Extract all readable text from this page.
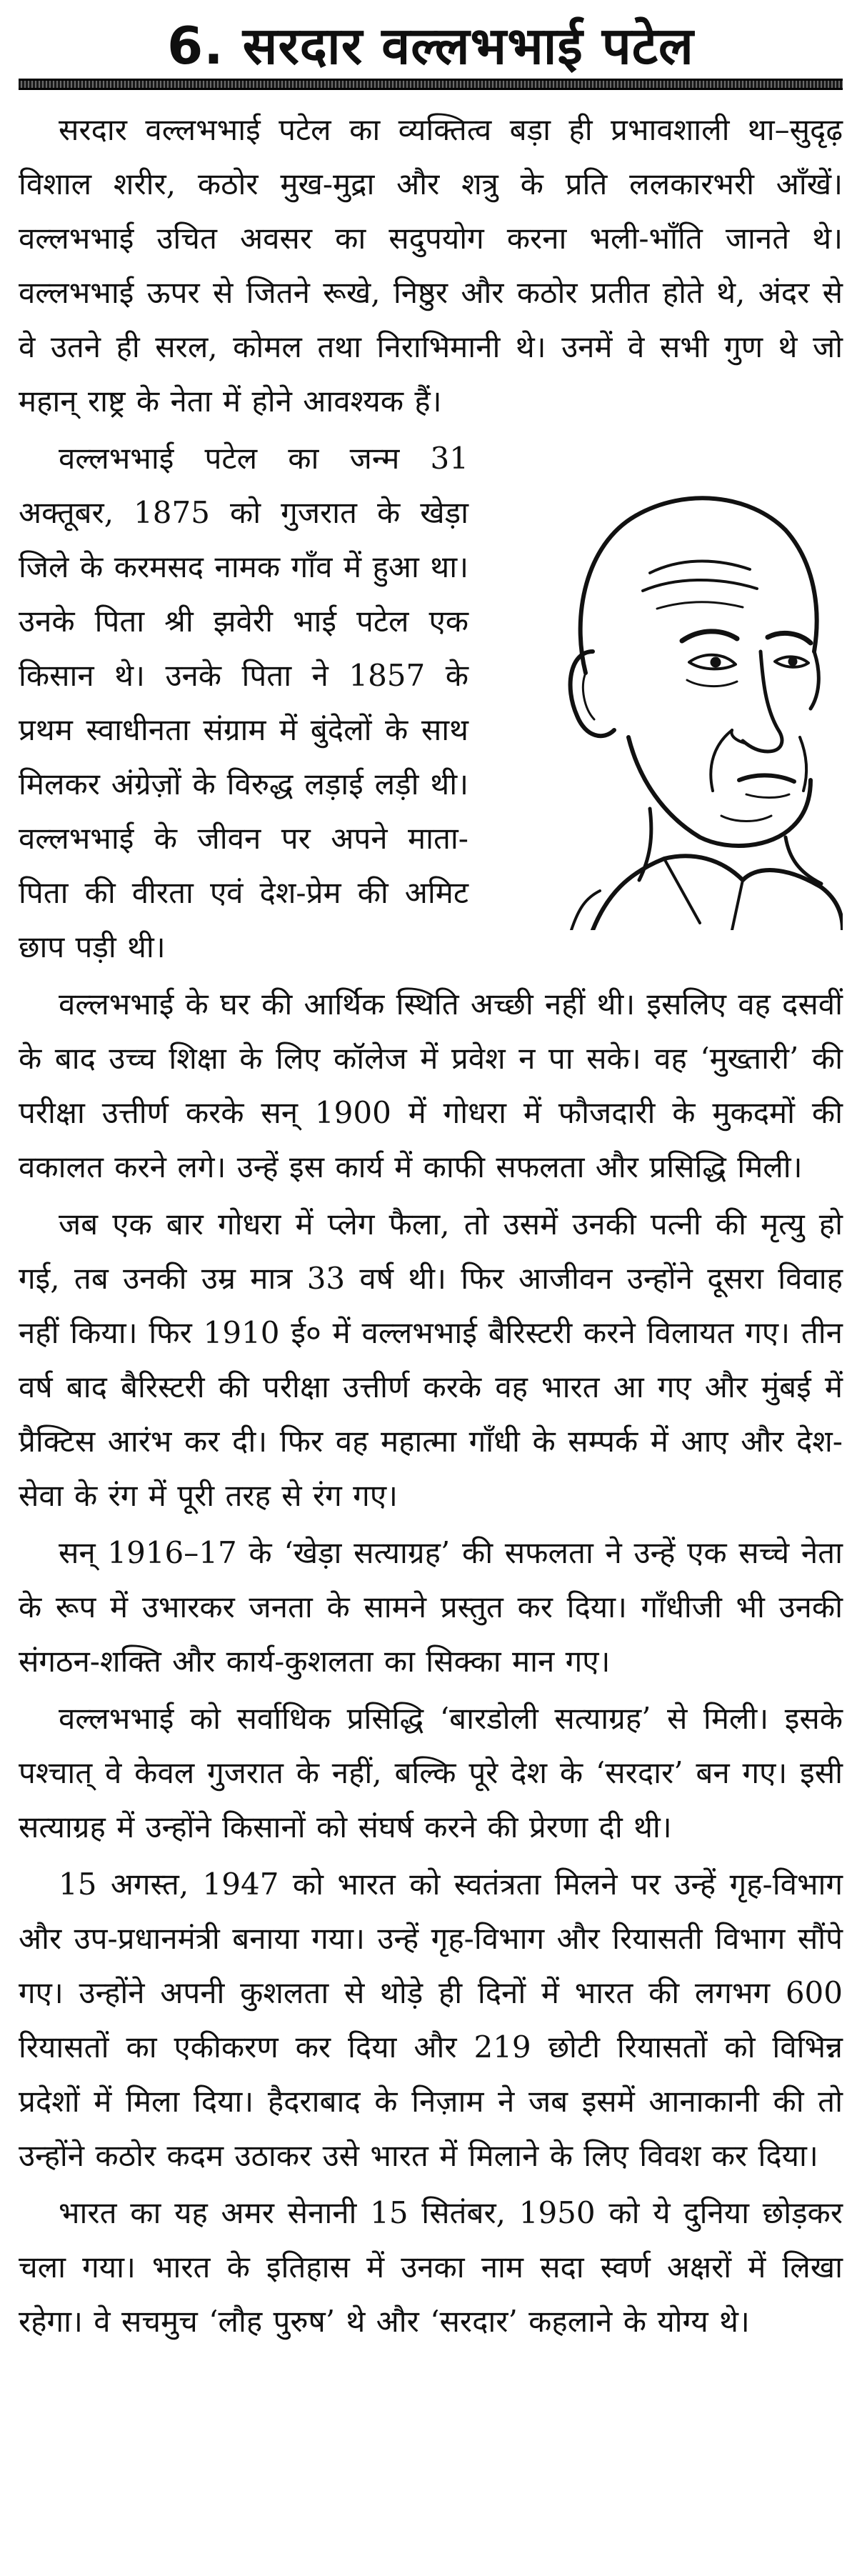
6. सरदार वल्लभभाई पटेल

सरदार वल्लभभाई पटेल का व्यक्तित्व बड़ा ही प्रभावशाली था–सुदृढ़ विशाल शरीर, कठोर मुख-मुद्रा और शत्रु के प्रति ललकारभरी आँखें। वल्लभभाई उचित अवसर का सदुपयोग करना भली-भाँति जानते थे। वल्लभभाई ऊपर से जितने रूखे, निष्ठुर और कठोर प्रतीत होते थे, अंदर से वे उतने ही सरल, कोमल तथा निराभिमानी थे। उनमें वे सभी गुण थे जो महान् राष्ट्र के नेता में होने आवश्यक हैं।

वल्लभभाई पटेल का जन्म 31 अक्तूबर, 1875 को गुजरात के खेड़ा जिले के करमसद नामक गाँव में हुआ था। उनके पिता श्री झवेरी भाई पटेल एक किसान थे। उनके पिता ने 1857 के प्रथम स्वाधीनता संग्राम में बुंदेलों के साथ मिलकर अंग्रेज़ों के विरुद्ध लड़ाई लड़ी थी। वल्लभभाई के जीवन पर अपने माता-पिता की वीरता एवं देश-प्रेम की अमिट छाप पड़ी थी।

वल्लभभाई के घर की आर्थिक स्थिति अच्छी नहीं थी। इसलिए वह दसवीं के बाद उच्च शिक्षा के लिए कॉलेज में प्रवेश न पा सके। वह ‘मुख्तारी’ की परीक्षा उत्तीर्ण करके सन् 1900 में गोधरा में फौजदारी के मुकदमों की वकालत करने लगे। उन्हें इस कार्य में काफी सफलता और प्रसिद्धि मिली।

जब एक बार गोधरा में प्लेग फैला, तो उसमें उनकी पत्नी की मृत्यु हो गई, तब उनकी उम्र मात्र 33 वर्ष थी। फिर आजीवन उन्होंने दूसरा विवाह नहीं किया। फिर 1910 ई० में वल्लभभाई बैरिस्टरी करने विलायत गए। तीन वर्ष बाद बैरिस्टरी की परीक्षा उत्तीर्ण करके वह भारत आ गए और मुंबई में प्रैक्टिस आरंभ कर दी। फिर वह महात्मा गाँधी के सम्पर्क में आए और देश-सेवा के रंग में पूरी तरह से रंग गए।

सन् 1916–17 के ‘खेड़ा सत्याग्रह’ की सफलता ने उन्हें एक सच्चे नेता के रूप में उभारकर जनता के सामने प्रस्तुत कर दिया। गाँधीजी भी उनकी संगठन-शक्ति और कार्य-कुशलता का सिक्का मान गए।

वल्लभभाई को सर्वाधिक प्रसिद्धि ‘बारडोली सत्याग्रह’ से मिली। इसके पश्चात् वे केवल गुजरात के नहीं, बल्कि पूरे देश के ‘सरदार’ बन गए। इसी सत्याग्रह में उन्होंने किसानों को संघर्ष करने की प्रेरणा दी थी।

15 अगस्त, 1947 को भारत को स्वतंत्रता मिलने पर उन्हें गृह-विभाग और उप-प्रधानमंत्री बनाया गया। उन्हें गृह-विभाग और रियासती विभाग सौंपे गए। उन्होंने अपनी कुशलता से थोड़े ही दिनों में भारत की लगभग 600 रियासतों का एकीकरण कर दिया और 219 छोटी रियासतों को विभिन्न प्रदेशों में मिला दिया। हैदराबाद के निज़ाम ने जब इसमें आनाकानी की तो उन्होंने कठोर कदम उठाकर उसे भारत में मिलाने के लिए विवश कर दिया।

भारत का यह अमर सेनानी 15 सितंबर, 1950 को ये दुनिया छोड़कर चला गया। भारत के इतिहास में उनका नाम सदा स्वर्ण अक्षरों में लिखा रहेगा। वे सचमुच ‘लौह पुरुष’ थे और ‘सरदार’ कहलाने के योग्य थे।
